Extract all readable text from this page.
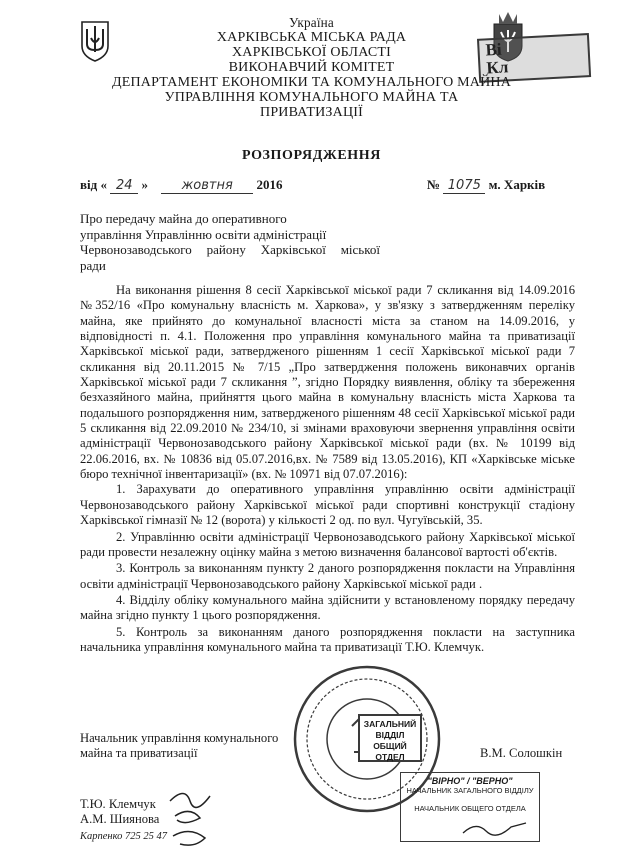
Ві
Кл
Україна
ХАРКІВСЬКА МІСЬКА РАДА
ХАРКІВСЬКОЇ ОБЛАСТІ
ВИКОНАВЧИЙ КОМІТЕТ
ДЕПАРТАМЕНТ ЕКОНОМІКИ ТА КОМУНАЛЬНОГО МАЙНА
УПРАВЛІННЯ КОМУНАЛЬНОГО МАЙНА ТА
ПРИВАТИЗАЦІЇ
РОЗПОРЯДЖЕННЯ
від « 24 »	жовтня 2016	№ 1075 м. Харків
Про передачу майна до оперативного
управління Управлінню освіти адміністрації
Червонозаводського району Харківської міської
ради

На виконання рішення 8 сесії Харківської міської ради 7 скликання від 14.09.2016 №352/16 «Про комунальну власність м. Харкова», у зв'язку з затвердженням переліку майна, яке прийнято до комунальної власності міста за станом на 14.09.2016, у відповідності п. 4.1. Положення про управління комунального майна та приватизації Харківської міської ради, затвердженого рішенням 1 сесії Харківської міської ради 7 скликання від 20.11.2015 № 7/15 „Про затвердження положень виконавчих органів Харківської міської ради 7 скликання ”, згідно Порядку виявлення, обліку та збереження безхазяйного майна, прийняття цього майна в комунальну власність міста Харкова та подальшого розпорядження ним, затвердженого рішенням 48 сесії Харківської міської ради 5 скликання від 22.09.2010 № 234/10, зі змінами враховуючи звернення управління освіти адміністрації Червонозаводського району Харківської міської ради (вх. № 10199 від 22.06.2016, вх. № 10836 від 05.07.2016,вх. № 7589 від 13.05.2016), КП «Харківське міське бюро технічної інвентаризації» (вх. № 10971 від 07.07.2016):

1. Зарахувати до оперативного управління управлінню освіти адміністрації Червонозаводського району Харківської міської ради спортивні конструкції стадіону Харківської гімназії № 12 (ворота) у кількості 2 од. по вул. Чугуївській, 35.

2. Управлінню освіти адміністрації Червонозаводського району Харківської міської ради провести незалежну оцінку майна з метою визначення балансової вартості об'єктів.

3. Контроль за виконанням пункту 2 даного розпорядження покласти на Управління освіти адміністрації Червонозаводського району Харківської міської ради .

4. Відділу обліку комунального майна здійснити у встановленому порядку передачу майна згідно пункту 1 цього розпорядження.

5. Контроль за виконанням даного розпорядження покласти на заступника начальника управління комунального майна та приватизації Т.Ю. Клемчук.

ЗАГАЛЬНИЙ
ВІДДІЛ
ОБЩИЙ ОТДЕЛ
Начальник управління комунального
майна та приватизації	В.М. Солошкін
Т.Ю. Клемчук
А.М. Шиянова
Карпенко 725 25 47
"ВІРНО" / "ВЕРНО"
НАЧАЛЬНИК ЗАГАЛЬНОГО ВІДДІЛУ
НАЧАЛЬНИК ОБЩЕГО ОТДЕЛА
